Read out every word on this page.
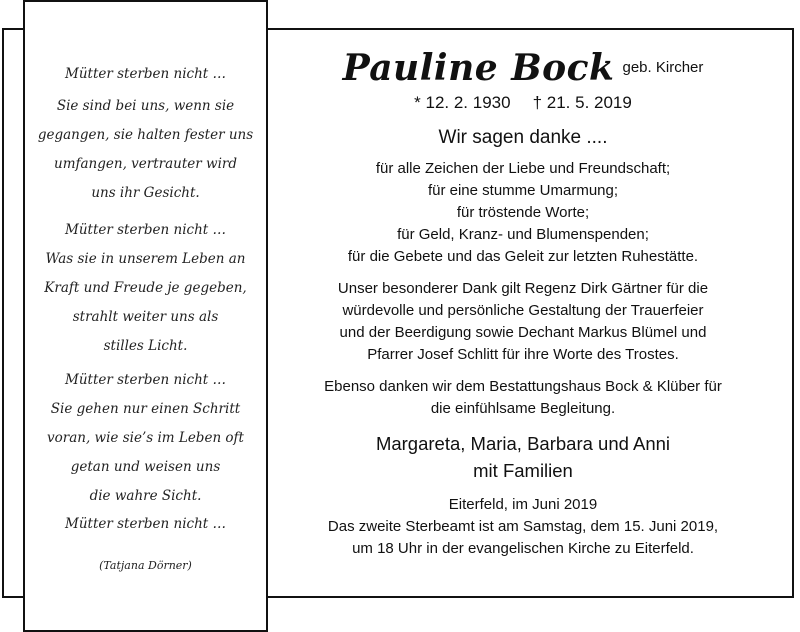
Mütter sterben nicht …
Sie sind bei uns, wenn sie
gegangen, sie halten fester uns
umfangen, vertrauter wird
uns ihr Gesicht.
Mütter sterben nicht …
Was sie in unserem Leben an
Kraft und Freude je gegeben,
strahlt weiter uns als
stilles Licht.
Mütter sterben nicht …
Sie gehen nur einen Schritt
voran, wie sie’s im Leben oft
getan und weisen uns
die wahre Sicht.
Mütter sterben nicht …
(Tatjana Dörner)
Pauline Bock geb. Kircher
* 12. 2. 1930 † 21. 5. 2019
Wir sagen danke ....
für alle Zeichen der Liebe und Freundschaft;
für eine stumme Umarmung;
für tröstende Worte;
für Geld, Kranz- und Blumenspenden;
für die Gebete und das Geleit zur letzten Ruhestätte.
Unser besonderer Dank gilt Regenz Dirk Gärtner für die
würdevolle und persönliche Gestaltung der Trauerfeier
und der Beerdigung sowie Dechant Markus Blümel und
Pfarrer Josef Schlitt für ihre Worte des Trostes.
Ebenso danken wir dem Bestattungshaus Bock & Klüber für
die einfühlsame Begleitung.
Margareta, Maria, Barbara und Anni
mit Familien
Eiterfeld, im Juni 2019
Das zweite Sterbeamt ist am Samstag, dem 15. Juni 2019,
um 18 Uhr in der evangelischen Kirche zu Eiterfeld.
